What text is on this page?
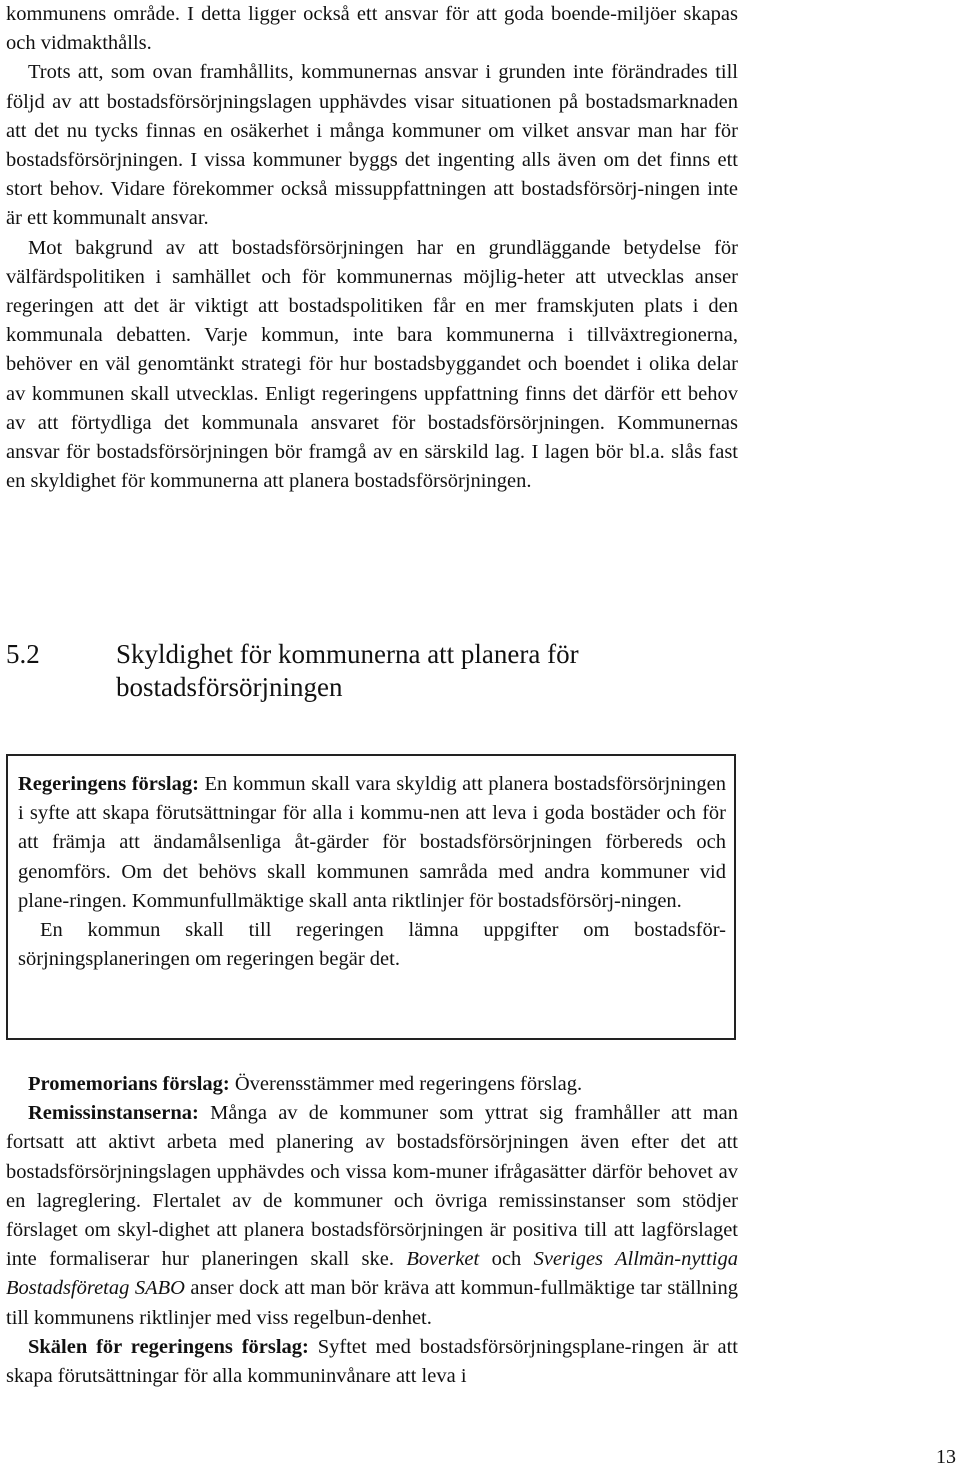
kommunens område. I detta ligger också ett ansvar för att goda boende-miljöer skapas och vidmakthålls.

Trots att, som ovan framhållits, kommunernas ansvar i grunden inte förändrades till följd av att bostadsförsörjningslagen upphävdes visar situationen på bostadsmarknaden att det nu tycks finnas en osäkerhet i många kommuner om vilket ansvar man har för bostadsförsörjningen. I vissa kommuner byggs det ingenting alls även om det finns ett stort behov. Vidare förekommer också missuppfattningen att bostadsförsörj-ningen inte är ett kommunalt ansvar.

Mot bakgrund av att bostadsförsörjningen har en grundläggande betydelse för välfärdspolitiken i samhället och för kommunernas möjlig-heter att utvecklas anser regeringen att det är viktigt att bostadspolitiken får en mer framskjuten plats i den kommunala debatten. Varje kommun, inte bara kommunerna i tillväxtregionerna, behöver en väl genomtänkt strategi för hur bostadsbyggandet och boendet i olika delar av kommunen skall utvecklas. Enligt regeringens uppfattning finns det därför ett behov av att förtydliga det kommunala ansvaret för bostadsförsörjningen. Kommunernas ansvar för bostadsförsörjningen bör framgå av en särskild lag. I lagen bör bl.a. slås fast en skyldighet för kommunerna att planera bostadsförsörjningen.

5.2	Skyldighet för kommunerna att planera för bostadsförsörjningen

Regeringens förslag: En kommun skall vara skyldig att planera bostadsförsörjningen i syfte att skapa förutsättningar för alla i kommu-nen att leva i goda bostäder och för att främja att ändamålsenliga åt-gärder för bostadsförsörjningen förbereds och genomförs. Om det behövs skall kommunen samråda med andra kommuner vid plane-ringen. Kommunfullmäktige skall anta riktlinjer för bostadsförsörj-ningen.

En kommun skall till regeringen lämna uppgifter om bostadsför-sörjningsplaneringen om regeringen begär det.

Promemorians förslag: Överensstämmer med regeringens förslag.

Remissinstanserna: Många av de kommuner som yttrat sig framhåller att man fortsatt att aktivt arbeta med planering av bostadsförsörjningen även efter det att bostadsförsörjningslagen upphävdes och vissa kom-muner ifrågasätter därför behovet av en lagreglering. Flertalet av de kommuner och övriga remissinstanser som stödjer förslaget om skyl-dighet att planera bostadsförsörjningen är positiva till att lagförslaget inte formaliserar hur planeringen skall ske. Boverket och Sveriges Allmän-nyttiga Bostadsföretag SABO anser dock att man bör kräva att kommun-fullmäktige tar ställning till kommunens riktlinjer med viss regelbun-denhet.

Skälen för regeringens förslag: Syftet med bostadsförsörjningsplane-ringen är att skapa förutsättningar för alla kommuninvånare att leva i

13
